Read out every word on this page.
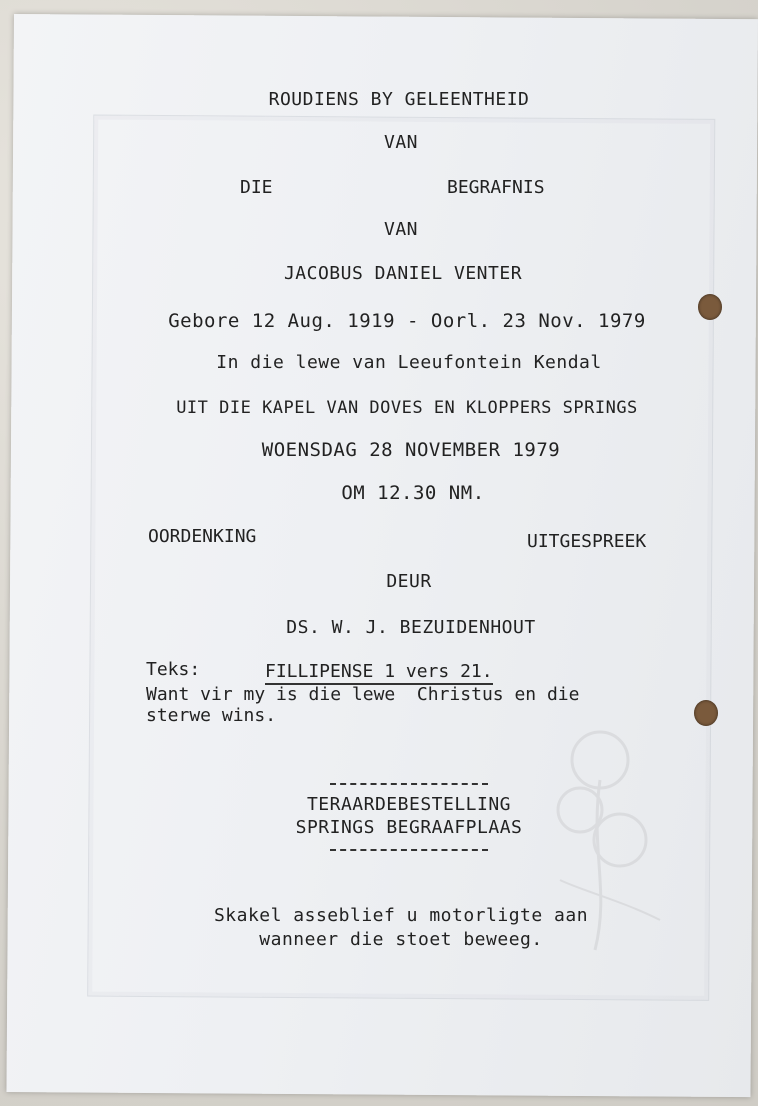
ROUDIENS BY GELEENTHEID
VAN
DIE	BEGRAFNIS
VAN
JACOBUS DANIEL VENTER
Gebore 12 Aug. 1919 - Oorl. 23 Nov. 1979
In die lewe van Leeufontein Kendal
UIT DIE KAPEL VAN DOVES EN KLOPPERS SPRINGS
WOENSDAG 28 NOVEMBER 1979
OM 12.30 NM.
OORDENKING	UITGESPREEK
DEUR
DS. W. J. BEZUIDENHOUT
Teks:	FILLIPENSE 1 vers 21.
Want vir my is die lewe  Christus en die
sterwe wins.
TERAARDEBESTELLING
SPRINGS BEGRAAFPLAAS
Skakel asseblief u motorligte aan
wanneer die stoet beweeg.
